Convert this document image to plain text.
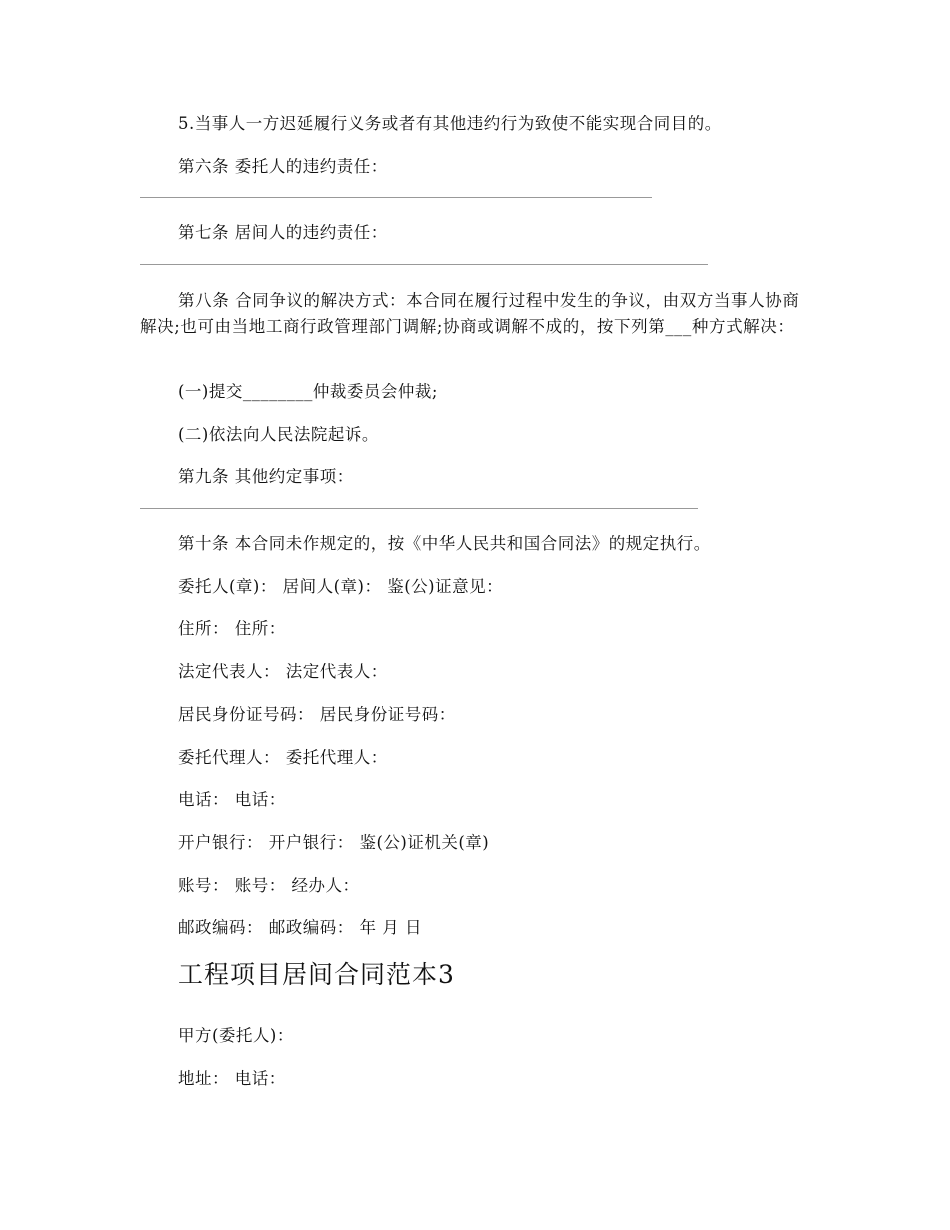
5.当事人一方迟延履行义务或者有其他违约行为致使不能实现合同目的。
第六条 委托人的违约责任：
第七条 居间人的违约责任：
第八条 合同争议的解决方式：本合同在履行过程中发生的争议，由双方当事人协商解决;也可由当地工商行政管理部门调解;协商或调解不成的，按下列第___种方式解决：
(一)提交________仲裁委员会仲裁;
(二)依法向人民法院起诉。
第九条 其他约定事项：
第十条 本合同未作规定的，按《中华人民共和国合同法》的规定执行。
委托人(章)： 居间人(章)： 鉴(公)证意见：
住所： 住所：
法定代表人： 法定代表人：
居民身份证号码： 居民身份证号码：
委托代理人： 委托代理人：
电话： 电话：
开户银行： 开户银行： 鉴(公)证机关(章)
账号： 账号： 经办人：
邮政编码： 邮政编码： 年 月 日
工程项目居间合同范本3
甲方(委托人)：
地址： 电话：
